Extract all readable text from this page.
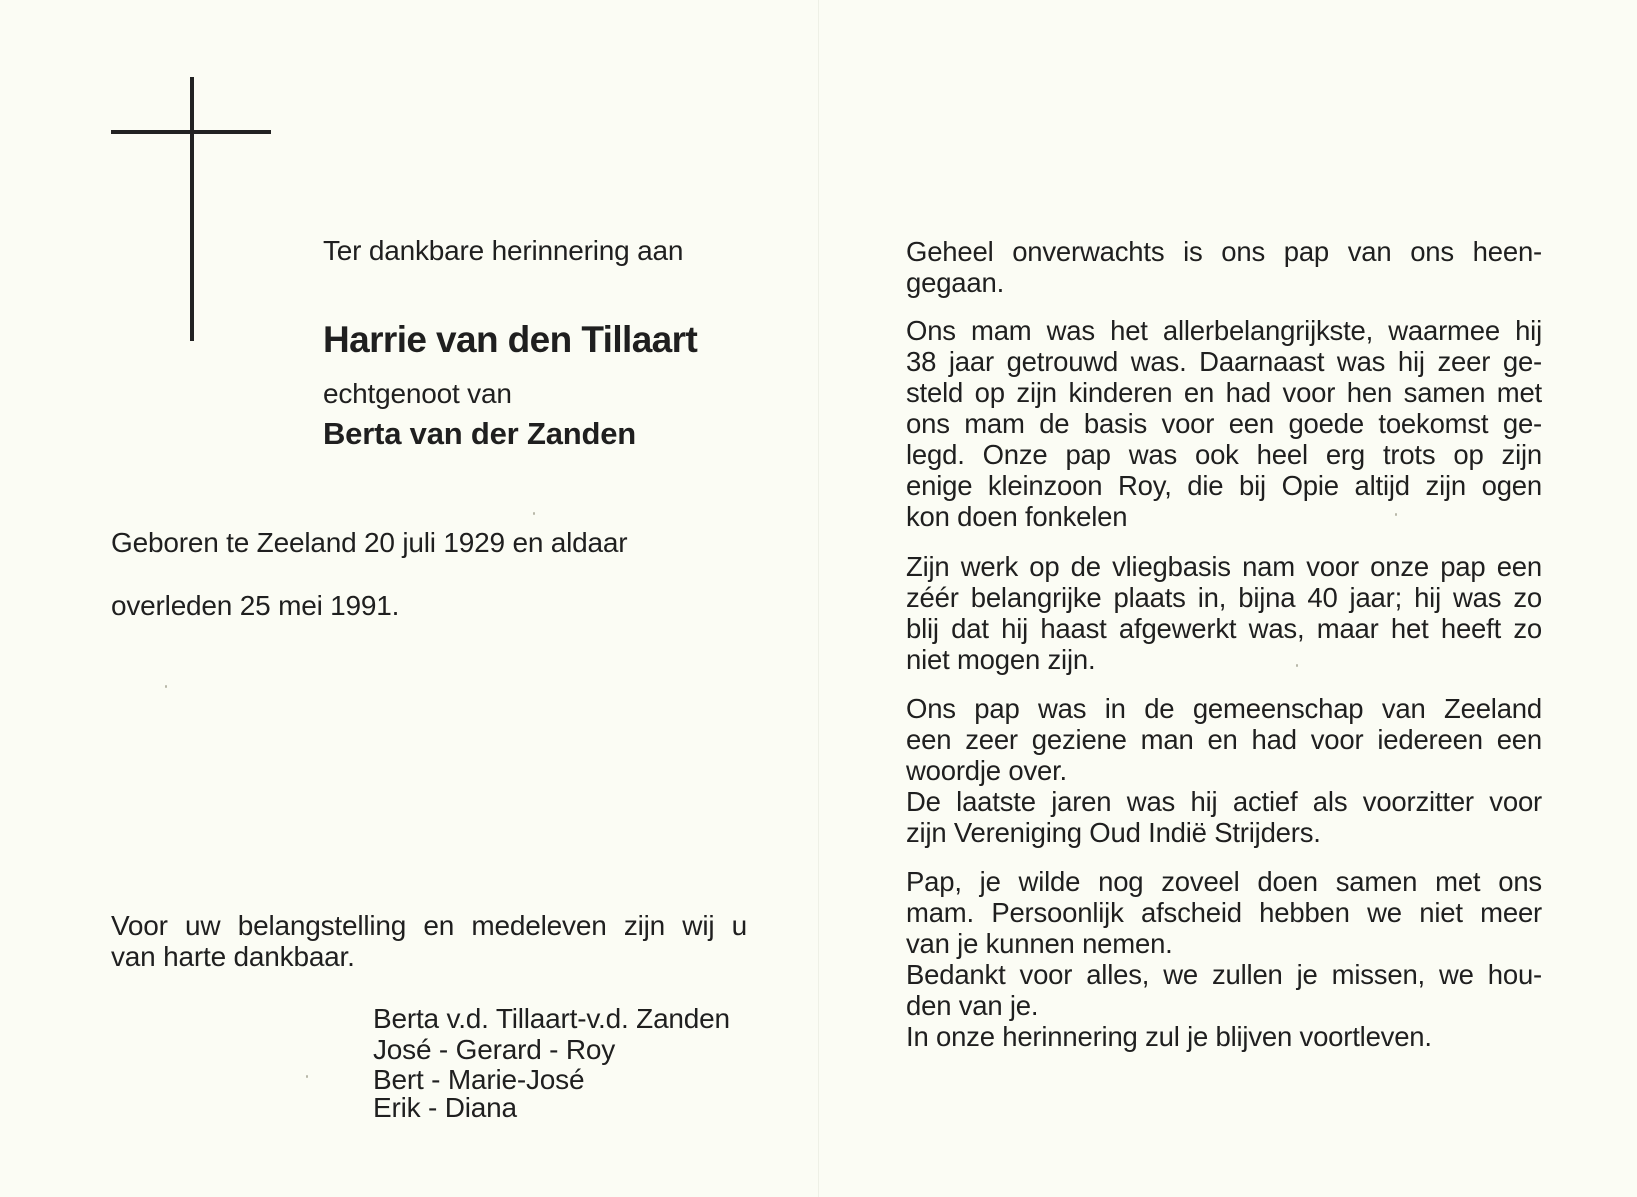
Ter dankbare herinnering aan
Harrie van den Tillaart
echtgenoot van
Berta van der Zanden
Geboren te Zeeland 20 juli 1929 en aldaar
overleden 25 mei 1991.
Voor uw belangstelling en medeleven zijn wij u
van harte dankbaar.
Berta v.d. Tillaart-v.d. Zanden
José - Gerard - Roy
Bert - Marie-José
Erik - Diana
Geheel onverwachts is ons pap van ons heen-
gegaan.
Ons mam was het allerbelangrijkste, waarmee hij
38 jaar getrouwd was. Daarnaast was hij zeer ge-
steld op zijn kinderen en had voor hen samen met
ons mam de basis voor een goede toekomst ge-
legd. Onze pap was ook heel erg trots op zijn
enige kleinzoon Roy, die bij Opie altijd zijn ogen
kon doen fonkelen
Zijn werk op de vliegbasis nam voor onze pap een
zéér belangrijke plaats in, bijna 40 jaar; hij was zo
blij dat hij haast afgewerkt was, maar het heeft zo
niet mogen zijn.
Ons pap was in de gemeenschap van Zeeland
een zeer geziene man en had voor iedereen een
woordje over.
De laatste jaren was hij actief als voorzitter voor
zijn Vereniging Oud Indië Strijders.
Pap, je wilde nog zoveel doen samen met ons
mam. Persoonlijk afscheid hebben we niet meer
van je kunnen nemen.
Bedankt voor alles, we zullen je missen, we hou-
den van je.
In onze herinnering zul je blijven voortleven.
